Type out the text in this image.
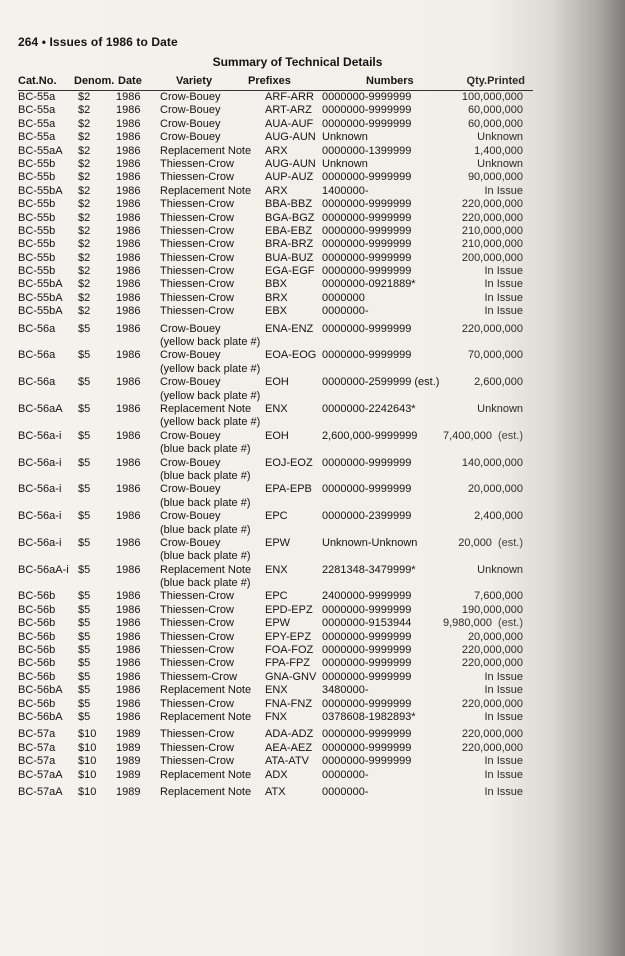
264 • Issues of 1986 to Date
Summary of Technical Details
Cat.No. Denom. Date	Variety	Prefixes	Numbers	Qty.Printed
BC-55a $2 1986 Crow-Bouey	ARF-ARR 0000000-9999999	100,000,000
BC-55a $2 1986 Crow-Bouey	ART-ARZ 0000000-9999999	60,000,000
BC-55a $2 1986 Crow-Bouey	AUA-AUF 0000000-9999999	60,000,000
BC-55a $2 1986 Crow-Bouey	AUG-AUN Unknown	Unknown
BC-55aA $2 1986 Replacement Note ARX	0000000-1399999	1,400,000
BC-55b $2 1986 Thiessen-Crow	AUG-AUN Unknown	Unknown
BC-55b $2 1986 Thiessen-Crow	AUP-AUZ 0000000-9999999	90,000,000
BC-55bA $2 1986 Replacement Note ARX	1400000-	In Issue
BC-55b $2 1986 Thiessen-Crow	BBA-BBZ 0000000-9999999	220,000,000
BC-55b $2 1986 Thiessen-Crow	BGA-BGZ 0000000-9999999	220,000,000
BC-55b $2 1986 Thiessen-Crow	EBA-EBZ 0000000-9999999	210,000,000
BC-55b $2 1986 Thiessen-Crow	BRA-BRZ 0000000-9999999	210,000,000
BC-55b $2 1986 Thiessen-Crow	BUA-BUZ 0000000-9999999	200,000,000
BC-55b $2 1986 Thiessen-Crow	EGA-EGF 0000000-9999999	In Issue
BC-55bA $2 1986 Thiessen-Crow	BBX	0000000-0921889*	In Issue
BC-55bA $2 1986 Thiessen-Crow	BRX	0000000	In Issue
BC-55bA $2 1986 Thiessen-Crow	EBX	0000000-	In Issue
BC-56a $5 1986 Crow-Bouey	ENA-ENZ 0000000-9999999	220,000,000
(yellow back plate #)
BC-56a $5 1986 Crow-Bouey	EOA-EOG 0000000-9999999	70,000,000
(yellow back plate #)
BC-56a $5 1986 Crow-Bouey	EOH	0000000-2599999 (est.)	2,600,000
(yellow back plate #)
BC-56aA $5 1986 Replacement Note ENX	0000000-2242643*	Unknown
(yellow back plate #)
BC-56a-i $5 1986 Crow-Bouey	EOH	2,600,000-9999999 7,400,000 (est.)
(blue back plate #)
BC-56a-i $5 1986 Crow-Bouey	EOJ-EOZ 0000000-9999999	140,000,000
(blue back plate #)
BC-56a-i $5 1986 Crow-Bouey	EPA-EPB 0000000-9999999	20,000,000
(blue back plate #)
BC-56a-i $5 1986 Crow-Bouey	EPC	0000000-2399999	2,400,000
(blue back plate #)
BC-56a-i $5 1986 Crow-Bouey	EPW	Unknown-Unknown	20,000 (est.)
(blue back plate #)
BC-56aA-i $5 1986 Replacement Note ENX	2281348-3479999*	Unknown
(blue back plate #)
BC-56b $5 1986 Thiessen-Crow	EPC	2400000-9999999	7,600,000
BC-56b $5 1986 Thiessen-Crow	EPD-EPZ 0000000-9999999	190,000,000
BC-56b $5 1986 Thiessen-Crow	EPW	0000000-9153944	9,980,000 (est.)
BC-56b $5 1986 Thiessen-Crow	EPY-EPZ 0000000-9999999	20,000,000
BC-56b $5 1986 Thiessen-Crow	FOA-FOZ 0000000-9999999	220,000,000
BC-56b $5 1986 Thiessen-Crow	FPA-FPZ 0000000-9999999	220,000,000
BC-56b $5 1986 Thiessem-Crow	GNA-GNV 0000000-9999999	In Issue
BC-56bA $5 1986 Replacement Note ENX	3480000-	In Issue
BC-56b $5 1986 Thiessen-Crow	FNA-FNZ 0000000-9999999	220,000,000
BC-56bA $5 1986 Replacement Note FNX	0378608-1982893*	In Issue
BC-57a $10 1989 Thiessen-Crow	ADA-ADZ 0000000-9999999	220,000,000
BC-57a $10 1989 Thiessen-Crow	AEA-AEZ 0000000-9999999	220,000,000
BC-57a $10 1989 Thiessen-Crow	ATA-ATV 0000000-9999999	In Issue
BC-57aA $10 1989 Replacement Note ADX	0000000-	In Issue
BC-57aA $10 1989 Replacement Note ATX	0000000-	In Issue
